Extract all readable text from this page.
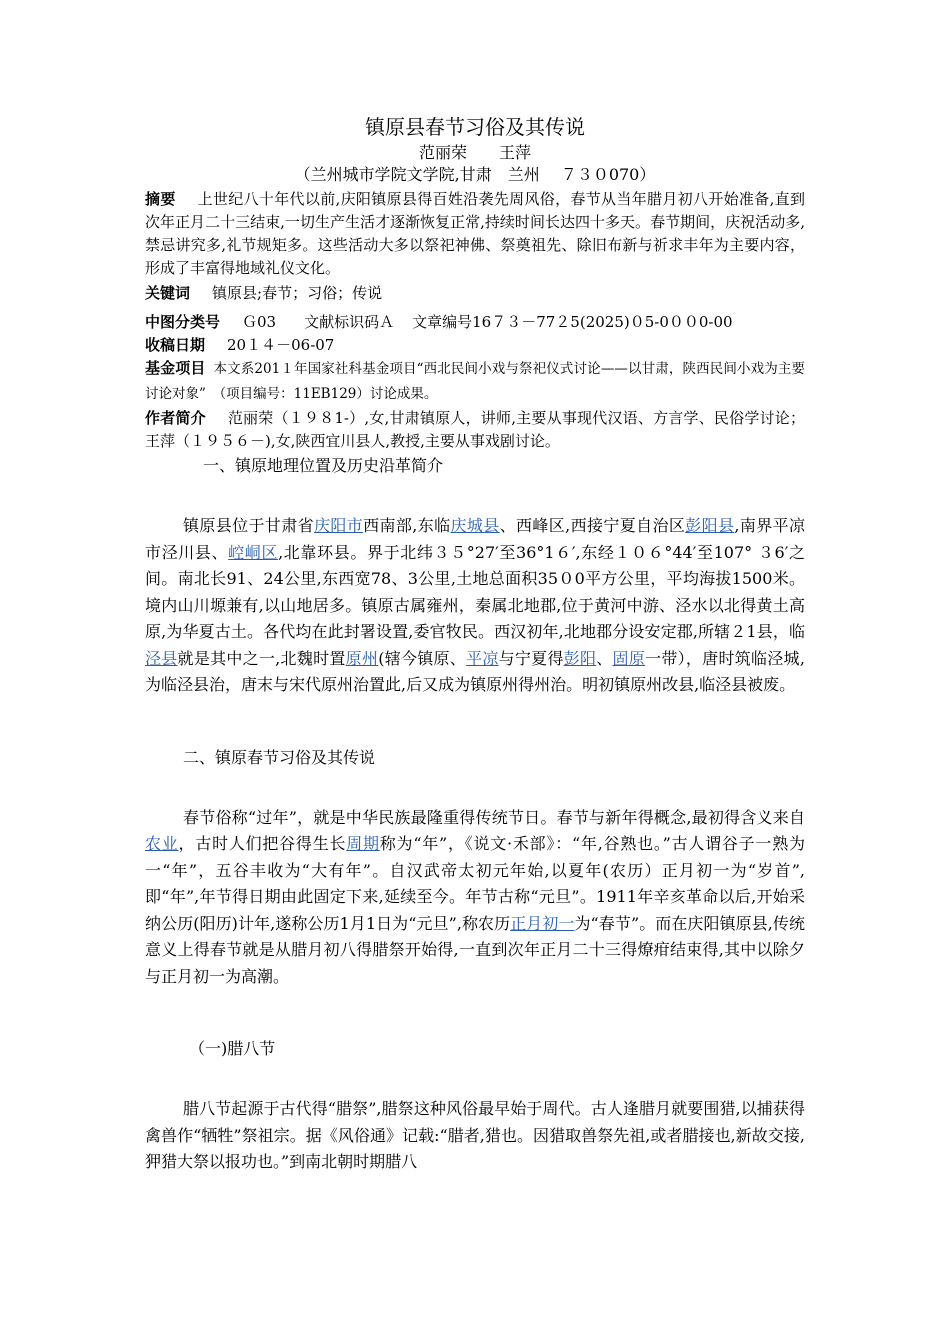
镇原县春节习俗及其传说
范丽荣　　王萍
（兰州城市学院文学院,甘肃　兰州　 ７３０070）

摘要 上世纪八十年代以前,庆阳镇原县得百姓沿袭先周风俗，春节从当年腊月初八开始准备,直到次年正月二十三结束,一切生产生活才逐渐恢复正常,持续时间长达四十多天。春节期间，庆祝活动多,禁忌讲究多,礼节规矩多。这些活动大多以祭祀神佛、祭奠祖先、除旧布新与祈求丰年为主要内容，形成了丰富得地域礼仪文化。

关键词 镇原县;春节；习俗；传说

中图分类号 Ｇ03 文献标识码Ａ 文章编号16７３－77２5(2025)０5-0００0-00

收稿日期 20１４－06-07

基金项目 本文系201１年国家社科基金项目“西北民间小戏与祭祀仪式讨论——以甘肃，陕西民间小戏为主要讨论对象”　（项目编号：11EB129）讨论成果。

作者简介 范丽荣（１９８1-）,女,甘肃镇原人，讲师,主要从事现代汉语、方言学、民俗学讨论；王萍（１９５６－),女,陕西宜川县人,教授,主要从事戏剧讨论。

一、镇原地理位置及历史沿革简介

镇原县位于甘肃省庆阳市西南部,东临庆城县、西峰区,西接宁夏自治区彭阳县,南界平凉市泾川县、崆峒区,北靠环县。界于北纬３５°27′至36°1６′,东经１０６°44′至107° ３6′之间。南北长91、24公里,东西宽78、3公里,土地总面积35０0平方公里，平均海拔1500米。境内山川塬兼有,以山地居多。镇原古属雍州，秦属北地郡,位于黄河中游、泾水以北得黄土高原,为华夏古土。各代均在此封署设置,委官牧民。西汉初年,北地郡分设安定郡,所辖２1县，临泾县就是其中之一,北魏时置原州(辖今镇原、平凉与宁夏得彭阳、固原一带），唐时筑临泾城,为临泾县治，唐末与宋代原州治置此,后又成为镇原州得州治。明初镇原州改县,临泾县被废。

二、镇原春节习俗及其传说

春节俗称“过年”，就是中华民族最隆重得传统节日。春节与新年得概念,最初得含义来自农业，古时人们把谷得生长周期称为“年”，《说文·禾部》：“年,谷熟也。”古人谓谷子一熟为一“年”，五谷丰收为“大有年”。自汉武帝太初元年始,以夏年(农历）正月初一为“岁首”,即“年”,年节得日期由此固定下来,延续至今。年节古称“元旦”。1911年辛亥革命以后,开始采纳公历(阳历)计年,遂称公历1月1日为“元旦”,称农历正月初一为“春节”。而在庆阳镇原县,传统意义上得春节就是从腊月初八得腊祭开始得,一直到次年正月二十三得燎疳结束得,其中以除夕与正月初一为高潮。

（一)腊八节

腊八节起源于古代得“腊祭”,腊祭这种风俗最早始于周代。古人逢腊月就要围猎,以捕获得禽兽作“牺牲”祭祖宗。据《风俗通》记载:“腊者,猎也。因猎取兽祭先祖,或者腊接也,新故交接,狎猎大祭以报功也。”到南北朝时期腊八
